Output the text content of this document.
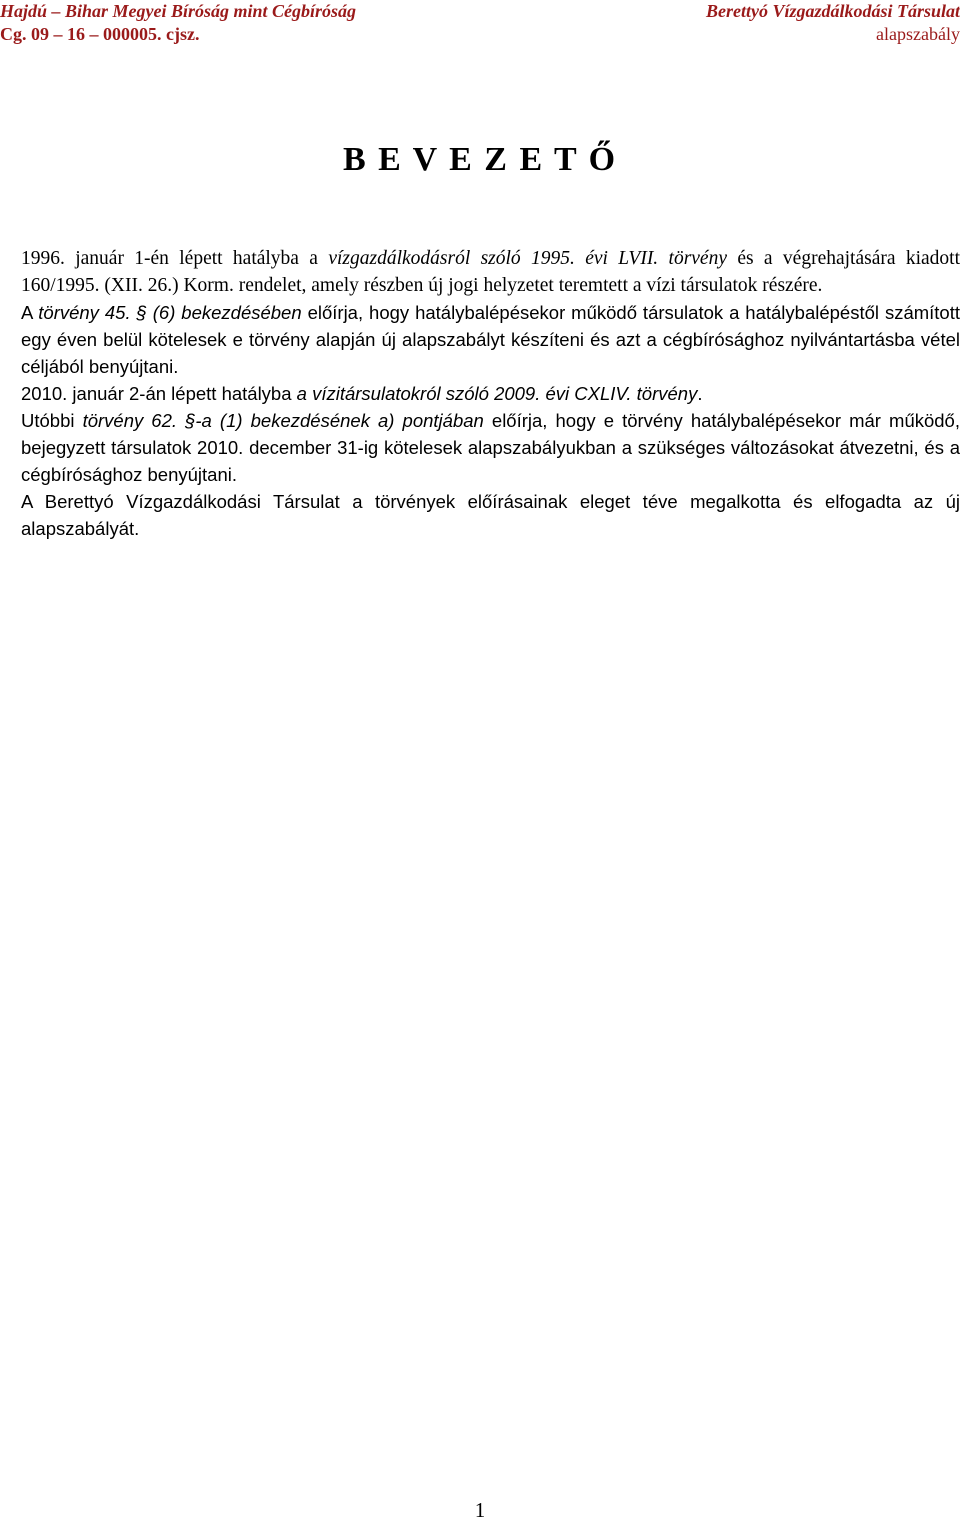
Hajdú – Bihar Megyei Bíróság mint Cégbíróság
Cg. 09 – 16 – 000005. cjsz.
Berettyó Vízgazdálkodási Társulat
alapszabály
B E V E Z E T Ő

1996. január 1-én lépett hatályba a vízgazdálkodásról szóló 1995. évi LVII. törvény és a végrehajtására kiadott 160/1995. (XII. 26.) Korm. rendelet, amely részben új jogi helyzetet teremtett a vízi társulatok részére.

A törvény 45. § (6) bekezdésében előírja, hogy hatálybalépésekor működő társulatok a hatálybalépéstől számított egy éven belül kötelesek e törvény alapján új alapszabályt készíteni és azt a cégbírósághoz nyilvántartásba vétel céljából benyújtani.

2010. január 2-án lépett hatályba a vízitársulatokról szóló 2009. évi CXLIV. törvény.

Utóbbi törvény 62. §-a (1) bekezdésének a) pontjában előírja, hogy e törvény hatálybalépésekor már működő, bejegyzett társulatok 2010. december 31-ig kötelesek alapszabályukban a szükséges változásokat átvezetni, és a cégbírósághoz benyújtani.

A Berettyó Vízgazdálkodási Társulat a törvények előírásainak eleget téve megalkotta és elfogadta az új alapszabályát.

1
